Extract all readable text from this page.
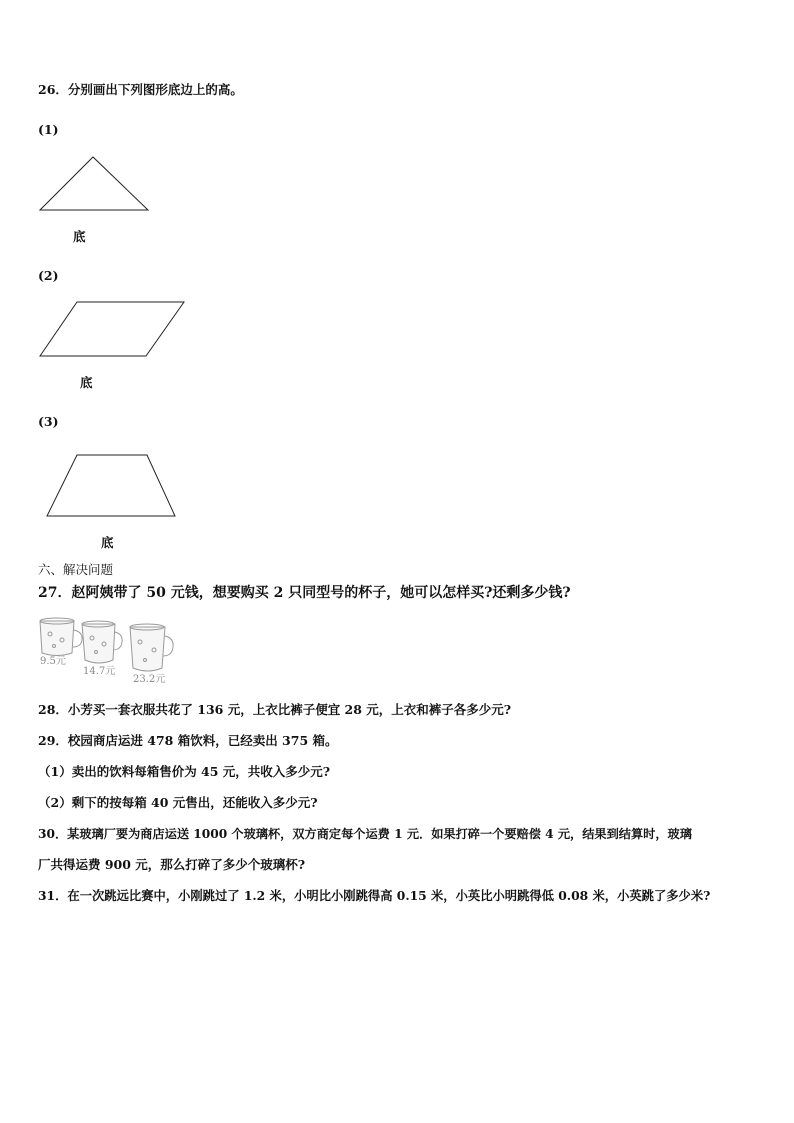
26．分别画出下列图形底边上的高。
(1)
底
(2)
底
(3)
底
六、解决问题
27．赵阿姨带了 50 元钱，想要购买 2 只同型号的杯子，她可以怎样买?还剩多少钱?
9.5元
14.7元
23.2元
28．小芳买一套衣服共花了 136 元，上衣比裤子便宜 28 元，上衣和裤子各多少元?
29．校园商店运进 478 箱饮料，已经卖出 375 箱。
（1）卖出的饮料每箱售价为 45 元，共收入多少元?
（2）剩下的按每箱 40 元售出，还能收入多少元?
30．某玻璃厂要为商店运送 1000 个玻璃杯，双方商定每个运费 1 元．如果打碎一个要赔偿 4 元，结果到结算时，玻璃
厂共得运费 900 元，那么打碎了多少个玻璃杯?
31．在一次跳远比赛中，小刚跳过了 1.2 米，小明比小刚跳得高 0.15 米，小英比小明跳得低 0.08 米，小英跳了多少米?
